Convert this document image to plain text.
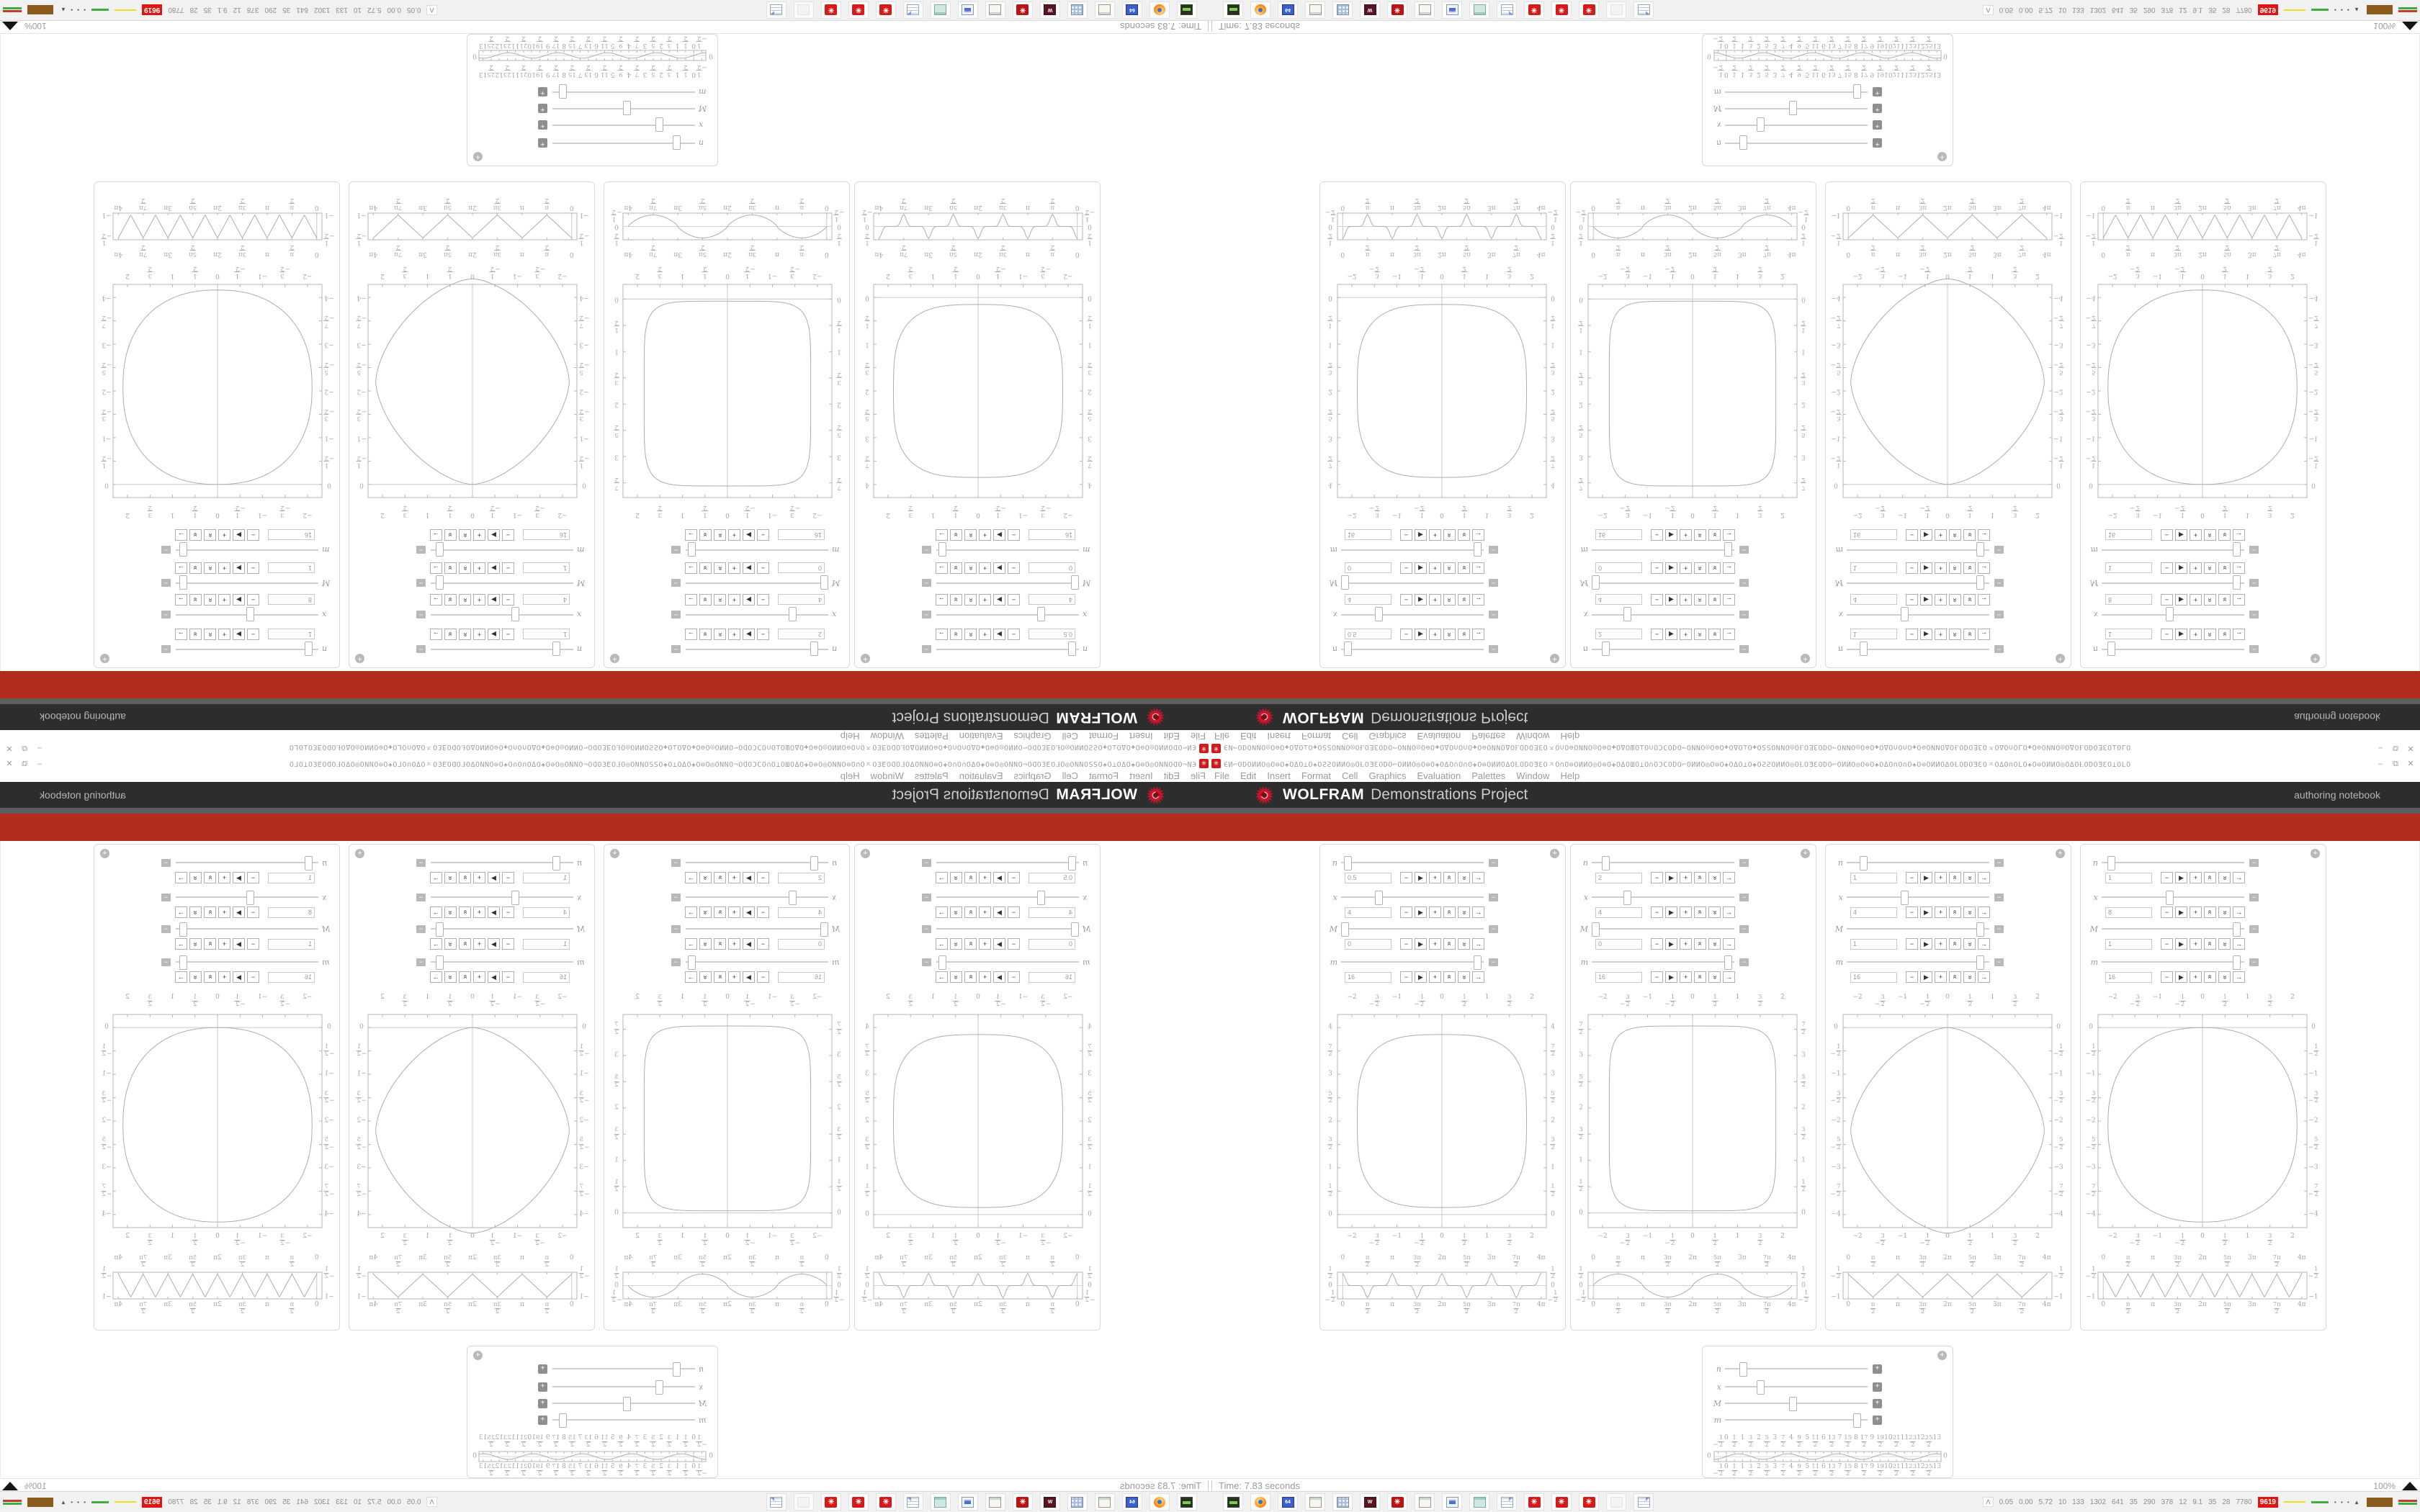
✳
ЄͶ⌐ODOͶͶO◎O⊜O✚OΔO⊥O✚OƧƧOͶͶO◎OⱢOƎƐODO⌐OͶͶO◎O⊜O✚OΔO∩O∩O✚O⊜OͶͶOΔOⱢODOƎƐOㅈO∩O⊜OͶͶO◎O⊜O✚OΔOШO⊥O∩OƆCODO⌐OͶͶO◎O⊜O✚OΔO⊥O✚OƧƧOͶͶO◎OⱢOƎƐODO⌐OͶͶO◎O⊜O✚OΔO∩O∩O✚O⊜OͶͶOΔOⱢODOƎƐOㅈOΔO∩OLO✚O⊜OͶͶO◎OΔOⱢODOƎƐO⊥OLO
–
⧉
✕
File
Edit
Insert
Format
Cell
Graphics
Evaluation
Palettes
Window
Help
WOLFRAM
Demonstrations Project
authoring notebook
+
n
−
0.5
−
▶
+
»
»
→
x
−
4
−
▶
+
»
»
→
M
−
0
−
▶
+
»
»
→
m
−
16
−
▶
+
»
»
→
−2
−2
−
3
2
−
3
2
−1
−1
−
1
2
−
1
2
0
0
1
2
1
2
1
1
3
2
3
2
2
2
4
4
7
2
7
2
3
3
5
2
5
2
2
2
3
2
3
2
1
1
1
2
1
2
0
0
0
0
π
2
π
2
π
π
3π
2
3π
2
2π
2π
5π
2
5π
2
3π
3π
7π
2
7π
2
4π
4π
1
2
1
2
0
0
−
1
2
−
1
2
+
n
−
2
−
▶
+
»
»
→
x
−
4
−
▶
+
»
»
→
M
−
0
−
▶
+
»
»
→
m
−
16
−
▶
+
»
»
→
−2
−2
−
3
2
−
3
2
−1
−1
−
1
2
−
1
2
0
0
1
2
1
2
1
1
3
2
3
2
2
2
7
2
7
2
3
3
5
2
5
2
2
2
3
2
3
2
1
1
1
2
1
2
0
0
0
0
π
2
π
2
π
π
3π
2
3π
2
2π
2π
5π
2
5π
2
3π
3π
7π
2
7π
2
4π
4π
1
2
1
2
0
0
−
1
2
−
1
2
+
n
−
1
−
▶
+
»
»
→
x
−
4
−
▶
+
»
»
→
M
−
1
−
▶
+
»
»
→
m
−
16
−
▶
+
»
»
→
−2
−2
−
3
2
−
3
2
−1
−1
−
1
2
−
1
2
0
0
1
2
1
2
1
1
3
2
3
2
2
2
0
0
−
1
2
−
1
2
−1
−1
−
3
2
−
3
2
−2
−2
−
5
2
−
5
2
−3
−3
−
7
2
−
7
2
−4
−4
0
0
π
2
π
2
π
π
3π
2
3π
2
2π
2π
5π
2
5π
2
3π
3π
7π
2
7π
2
4π
4π
−
1
2
−
1
2
−1
−1
+
n
−
1
−
▶
+
»
»
→
x
−
8
−
▶
+
»
»
→
M
−
1
−
▶
+
»
»
→
m
−
16
−
▶
+
»
»
→
−2
−2
−
3
2
−
3
2
−1
−1
−
1
2
−
1
2
0
0
1
2
1
2
1
1
3
2
3
2
2
2
0
0
−
1
2
−
1
2
−1
−1
−
3
2
−
3
2
−2
−2
−
5
2
−
5
2
−3
−3
−
7
2
−
7
2
−4
−4
0
0
π
2
π
2
π
π
3π
2
3π
2
2π
2π
5π
2
5π
2
3π
3π
7π
2
7π
2
4π
4π
−
1
2
−
1
2
−1
−1
+
n
+
x
+
M
+
m
+
−
1
2
−
1
2
0
0
1
2
1
2
1
1
3
2
3
2
2
2
5
2
5
2
3
3
7
2
7
2
4
4
9
2
9
2
5
5
11
2
11
2
6
6
13
2
13
2
7
7
15
2
15
2
8
8
17
2
17
2
9
9
19
2
19
2
10
10
21
2
21
2
11
11
23
2
23
2
12
12
25
2
25
2
13
13
0
0
Time: 7.83 seconds
100%
64
W
✳
✳
✳
✳
ᐱ
0.05
0.00
5.72
10
133
1302
641
35
290
378
12
9.1
35
28
7780
9619
• • • ▲
✳ ЄͶ⌐ODOͶͶO◎O⊜O✚OΔO⊥O✚OƧƧOͶͶO◎OⱢOƎƐODO⌐OͶͶO◎O⊜O✚OΔO∩O∩O✚O⊜OͶͶOΔOⱢODOƎƐOㅈO∩O⊜OͶͶO◎O⊜O✚OΔOШO⊥O∩OƆCODO⌐OͶͶO◎O⊜O✚OΔO⊥O✚OƧƧOͶͶO◎OⱢOƎƐODO⌐OͶͶO◎O⊜O✚OΔO∩O∩O✚O⊜OͶͶOΔOⱢODOƎƐOㅈOΔO∩OLO✚O⊜OͶͶO◎OΔOⱢODOƎƐO⊥OLO	–	⧉	✕
File Edit Insert Format Cell Graphics Evaluation Palettes Window Help
WOLFRAM Demonstrations Project	authoring notebook
+
n	−
0.5
−	▶	+	» »	→
x	−
4
−	▶	+	» »	→
M	−
0
−	▶	+	» »	→
m	−
16
−	▶	+	» »	→
−2
−2
−
3
2
−
3
2
−1
−1
−
1
2
−
1
2
0
0
1
2
1
2
1
1
3
2
3
2
2
2
4	4
7
2
7
2
3	3
5
2
5
2
2	2
3
2
3
2
1	1
1
2
1
2
0	0
0
0
π
2
π
2
π
π
3π
2
3π
2
2π
2π
5π
2
5π
2
3π
3π
7π
2
7π
2
4π
4π
1
2
1
2
0	0
−
1
2	−
1
2
+
n	−
2
−	▶	+	» »	→
x	−
4
−	▶	+	» »	→
M	−
0
−	▶	+	» »	→
m	−
16
−	▶	+	» »	→
−2
−2
−
3
2
−
3
2
−1
−1
−
1
2
−
1
2
0
0
1
2
1
2
1
1
3
2
3
2
2
2
7
2
7
2
3	3
5
2
5
2
2	2
3
2
3
2
1	1
1
2
1
2
0	0
0
0
π
2
π
2
π
π
3π
2
3π
2
2π
2π
5π
2
5π
2
3π
3π
7π
2
7π
2
4π
4π
1
2
1
2
0	0
−
1
2	−
1
2
+
n	−
1
−	▶	+	» »	→
x	−
4
−	▶	+	» »	→
M	−
1
−	▶	+	» »	→
m	−
16
−	▶	+	» »	→
−2
−2
−
3
2
−
3
2
−1
−1
−
1
2
−
1
2
0
0
1
2
1
2
1
1
3
2
3
2
2
2
0	0
−
1
2	−
1
2
−1	−1
−
3
2	−
3
2
−2	−2
−
5
2	−
5
2
−3	−3
−
7
2	−
7
2
−4	−4
0
0
π
2
π
2
π
π
3π
2
3π
2
2π
2π
5π
2
5π
2
3π
3π
7π
2
7π
2
4π
4π
−
1
2	−
1
2
−1	−1
+
n	−
1
−	▶	+	» »	→
x	−
8
−	▶	+	» »	→
M	−
1
−	▶	+	» »	→
m	−
16
−	▶	+	» »	→
−2
−2
−
3
2
−
3
2
−1
−1
−
1
2
−
1
2
0
0
1
2
1
2
1
1
3
2
3
2
2
2
0	0
−
1
2	−
1
2
−1	−1
−
3
2	−
3
2
−2	−2
−
5
2	−
5
2
−3	−3
−
7
2	−
7
2
−4	−4
0
0
π
2
π
2
π
π
3π
2
3π
2
2π
2π
5π
2
5π
2
3π
3π
7π
2
7π
2
4π
4π
−
1
2	−
1
2
−1	−1
+
n	+
x	+
M	+
m	+
−
1
2
−
1
2
0
0
1
2
1
2
1
1
3
2
3
2
2
2
5
2
5
2
3
3
7
2
7
2
4
4
9
2
9
2
5
5
11
2
11
2
6
6
13
2
13
2
7
7
15
2
15
2
8
8
17
2
17
2
9
9
19
2
19
2
10
10
21
2
21
2
11
11
23
2
23
2
12
12
25
2
25
2
13
13
0	0
Time: 7.83 seconds	100%
64	W	✳	✳	✳	✳	ᐱ	0.05 0.00 5.72 10 133 1302 641 35 290 378 12 9.1 35 28 7780	9619	• • • ▲
✳
ЄͶ⌐ODOͶͶO◎O⊜O✚OΔO⊥O✚OƧƧOͶͶO◎OⱢOƎƐODO⌐OͶͶO◎O⊜O✚OΔO∩O∩O✚O⊜OͶͶOΔOⱢODOƎƐOㅈO∩O⊜OͶͶO◎O⊜O✚OΔOШO⊥O∩OƆCODO⌐OͶͶO◎O⊜O✚OΔO⊥O✚OƧƧOͶͶO◎OⱢOƎƐODO⌐OͶͶO◎O⊜O✚OΔO∩O∩O✚O⊜OͶͶOΔOⱢODOƎƐOㅈOΔO∩OLO✚O⊜OͶͶO◎OΔOⱢODOƎƐO⊥OLO
–
⧉
✕
File
Edit
Insert
Format
Cell
Graphics
Evaluation
Palettes
Window
Help
WOLFRAM
Demonstrations Project
authoring notebook
+
n
−
0.5
−
▶
+
»
»
→
x
−
4
−
▶
+
»
»
→
M
−
0
−
▶
+
»
»
→
m
−
16
−
▶
+
»
»
→
−2
−2
−
$\frac{3}{2}$
−
$\frac{3}{2}$
−1
−1
−
$\frac{1}{2}$
−
$\frac{1}{2}$
0
0
$\frac{1}{2}$
$\frac{1}{2}$
1
1
$\frac{3}{2}$
$\frac{3}{2}$
2
2
4
4
$\frac{7}{2}$
$\frac{7}{2}$
3
3
$\frac{5}{2}$
$\frac{5}{2}$
2
2
$\frac{3}{2}$
$\frac{3}{2}$
1
1
$\frac{1}{2}$
$\frac{1}{2}$
0
0
0
0
$\frac{\pi}{2}$
$\frac{\pi}{2}$
π
π
$\frac{3\pi}{2}$
$\frac{3\pi}{2}$
2π
2π
$\frac{5\pi}{2}$
$\frac{5\pi}{2}$
3π
3π
$\frac{7\pi}{2}$
$\frac{7\pi}{2}$
4π
4π
$\frac{1}{2}$
$\frac{1}{2}$
0
0
−
$\frac{1}{2}$
−
$\frac{1}{2}$
+
n
−
2
−
▶
+
»
»
→
x
−
4
−
▶
+
»
»
→
M
−
0
−
▶
+
»
»
→
m
−
16
−
▶
+
»
»
→
−2
−2
−
$\frac{3}{2}$
−
$\frac{3}{2}$
−1
−1
−
$\frac{1}{2}$
−
$\frac{1}{2}$
0
0
$\frac{1}{2}$
$\frac{1}{2}$
1
1
$\frac{3}{2}$
$\frac{3}{2}$
2
2
$\frac{7}{2}$
$\frac{7}{2}$
3
3
$\frac{5}{2}$
$\frac{5}{2}$
2
2
$\frac{3}{2}$
$\frac{3}{2}$
1
1
$\frac{1}{2}$
$\frac{1}{2}$
0
0
0
0
$\frac{\pi}{2}$
$\frac{\pi}{2}$
π
π
$\frac{3\pi}{2}$
$\frac{3\pi}{2}$
2π
2π
$\frac{5\pi}{2}$
$\frac{5\pi}{2}$
3π
3π
$\frac{7\pi}{2}$
$\frac{7\pi}{2}$
4π
4π
$\frac{1}{2}$
$\frac{1}{2}$
0
0
−
$\frac{1}{2}$
−
$\frac{1}{2}$
+
n
−
1
−
▶
+
»
»
→
x
−
4
−
▶
+
»
»
→
M
−
1
−
▶
+
»
»
→
m
−
16
−
▶
+
»
»
→
−2
−2
−
$\frac{3}{2}$
−
$\frac{3}{2}$
−1
−1
−
$\frac{1}{2}$
−
$\frac{1}{2}$
0
0
$\frac{1}{2}$
$\frac{1}{2}$
1
1
$\frac{3}{2}$
$\frac{3}{2}$
2
2
0
0
−
$\frac{1}{2}$
−
$\frac{1}{2}$
−1
−1
−
$\frac{3}{2}$
−
$\frac{3}{2}$
−2
−2
−
$\frac{5}{2}$
−
$\frac{5}{2}$
−3
−3
−
$\frac{7}{2}$
−
$\frac{7}{2}$
−4
−4
0
0
$\frac{\pi}{2}$
$\frac{\pi}{2}$
π
π
$\frac{3\pi}{2}$
$\frac{3\pi}{2}$
2π
2π
$\frac{5\pi}{2}$
$\frac{5\pi}{2}$
3π
3π
$\frac{7\pi}{2}$
$\frac{7\pi}{2}$
4π
4π
−
$\frac{1}{2}$
−
$\frac{1}{2}$
−1
−1
+
n
−
1
−
▶
+
»
»
→
x
−
8
−
▶
+
»
»
→
M
−
1
−
▶
+
»
»
→
m
−
16
−
▶
+
»
»
→
−2
−2
−
$\frac{3}{2}$
−
$\frac{3}{2}$
−1
−1
−
$\frac{1}{2}$
−
$\frac{1}{2}$
0
0
$\frac{1}{2}$
$\frac{1}{2}$
1
1
$\frac{3}{2}$
$\frac{3}{2}$
2
2
0
0
−
$\frac{1}{2}$
−
$\frac{1}{2}$
−1
−1
−
$\frac{3}{2}$
−
$\frac{3}{2}$
−2
−2
−
$\frac{5}{2}$
−
$\frac{5}{2}$
−3
−3
−
$\frac{7}{2}$
−
$\frac{7}{2}$
−4
−4
0
0
$\frac{\pi}{2}$
$\frac{\pi}{2}$
π
π
$\frac{3\pi}{2}$
$\frac{3\pi}{2}$
2π
2π
$\frac{5\pi}{2}$
$\frac{5\pi}{2}$
3π
3π
$\frac{7\pi}{2}$
$\frac{7\pi}{2}$
4π
4π
−
$\frac{1}{2}$
−
$\frac{1}{2}$
−1
−1
+
n
+
x
+
M
+
m
+
−
$\frac{1}{2}$
−
$\frac{1}{2}$
0
0
$\frac{1}{2}$
$\frac{1}{2}$
1
1
$\frac{3}{2}$
$\frac{3}{2}$
2
2
$\frac{5}{2}$
$\frac{5}{2}$
3
3
$\frac{7}{2}$
$\frac{7}{2}$
4
4
$\frac{9}{2}$
$\frac{9}{2}$
5
5
$\frac{11}{2}$
$\frac{11}{2}$
6
6
$\frac{13}{2}$
$\frac{13}{2}$
7
7
$\frac{15}{2}$
$\frac{15}{2}$
8
8
$\frac{17}{2}$
$\frac{17}{2}$
9
9
$\frac{19}{2}$
$\frac{19}{2}$
10
10
$\frac{21}{2}$
$\frac{21}{2}$
11
11
$\frac{23}{2}$
$\frac{23}{2}$
12
12
$\frac{25}{2}$
$\frac{25}{2}$
13
13
0
0
Time: 7.83 seconds
100%
64
W
✳
✳
✳
✳
ᐱ
0.05
0.00
5.72
10
133
1302
641
35
290
378
12
9.1
35
28
7780
9619
• • • ▲
✳ ЄͶ⌐ODOͶͶO◎O⊜O✚OΔO⊥O✚OƧƧOͶͶO◎OⱢOƎƐODO⌐OͶͶO◎O⊜O✚OΔO∩O∩O✚O⊜OͶͶOΔOⱢODOƎƐOㅈO∩O⊜OͶͶO◎O⊜O✚OΔOШO⊥O∩OƆCODO⌐OͶͶO◎O⊜O✚OΔO⊥O✚OƧƧOͶͶO◎OⱢOƎƐODO⌐OͶͶO◎O⊜O✚OΔO∩O∩O✚O⊜OͶͶOΔOⱢODOƎƐOㅈOΔO∩OLO✚O⊜OͶͶO◎OΔOⱢODOƎƐO⊥OLO	–	⧉	✕
File Edit Insert Format Cell Graphics Evaluation Palettes Window Help
WOLFRAM Demonstrations Project	authoring notebook
+
n	−
0.5
−	▶	+	» »	→
x	−
4
−	▶	+	» »	→
M	−
0
−	▶	+	» »	→
m	−
16
−	▶	+	» »	→
−2
−2
− $\frac{3}{2}$
− $\frac{3}{2}$
−1
−1
− $\frac{1}{2}$
− $\frac{1}{2}$
0
0
$\frac{1}{2}$
$\frac{1}{2}$
1
1
$\frac{3}{2}$
$\frac{3}{2}$
2
2
4	4
$\frac{7}{2}$	$\frac{7}{2}$
3	3
$\frac{5}{2}$	$\frac{5}{2}$
2	2
$\frac{3}{2}$	$\frac{3}{2}$
1	1
$\frac{1}{2}$	$\frac{1}{2}$
0	0
0
0
$\frac{\pi}{2}$
$\frac{\pi}{2}$
π
π
$\frac{3\pi}{2}$
$\frac{3\pi}{2}$
2π
2π
$\frac{5\pi}{2}$
$\frac{5\pi}{2}$
3π
3π
$\frac{7\pi}{2}$
$\frac{7\pi}{2}$
4π
4π
$\frac{1}{2}$	$\frac{1}{2}$
0	0
− $\frac{1}{2}$	− $\frac{1}{2}$
+
n	−
2
−	▶	+	» »	→
x	−
4
−	▶	+	» »	→
M	−
0
−	▶	+	» »	→
m	−
16
−	▶	+	» »	→
−2
−2
− $\frac{3}{2}$
− $\frac{3}{2}$
−1
−1
− $\frac{1}{2}$
− $\frac{1}{2}$
0
0
$\frac{1}{2}$
$\frac{1}{2}$
1
1
$\frac{3}{2}$
$\frac{3}{2}$
2
2
$\frac{7}{2}$	$\frac{7}{2}$
3	3
$\frac{5}{2}$	$\frac{5}{2}$
2	2
$\frac{3}{2}$	$\frac{3}{2}$
1	1
$\frac{1}{2}$	$\frac{1}{2}$
0	0
0
0
$\frac{\pi}{2}$
$\frac{\pi}{2}$
π
π
$\frac{3\pi}{2}$
$\frac{3\pi}{2}$
2π
2π
$\frac{5\pi}{2}$
$\frac{5\pi}{2}$
3π
3π
$\frac{7\pi}{2}$
$\frac{7\pi}{2}$
4π
4π
$\frac{1}{2}$	$\frac{1}{2}$
0	0
− $\frac{1}{2}$	− $\frac{1}{2}$
+
n	−
1
−	▶	+	» »	→
x	−
4
−	▶	+	» »	→
M	−
1
−	▶	+	» »	→
m	−
16
−	▶	+	» »	→
−2
−2
− $\frac{3}{2}$
− $\frac{3}{2}$
−1
−1
− $\frac{1}{2}$
− $\frac{1}{2}$
0
0
$\frac{1}{2}$
$\frac{1}{2}$
1
1
$\frac{3}{2}$
$\frac{3}{2}$
2
2
0	0
− $\frac{1}{2}$	− $\frac{1}{2}$
−1	−1
− $\frac{3}{2}$	− $\frac{3}{2}$
−2	−2
− $\frac{5}{2}$	− $\frac{5}{2}$
−3	−3
− $\frac{7}{2}$	− $\frac{7}{2}$
−4	−4
0
0
$\frac{\pi}{2}$
$\frac{\pi}{2}$
π
π
$\frac{3\pi}{2}$
$\frac{3\pi}{2}$
2π
2π
$\frac{5\pi}{2}$
$\frac{5\pi}{2}$
3π
3π
$\frac{7\pi}{2}$
$\frac{7\pi}{2}$
4π
4π
− $\frac{1}{2}$	− $\frac{1}{2}$
−1	−1
+
n	−
1
−	▶	+	» »	→
x	−
8
−	▶	+	» »	→
M	−
1
−	▶	+	» »	→
m	−
16
−	▶	+	» »	→
−2
−2
− $\frac{3}{2}$
− $\frac{3}{2}$
−1
−1
− $\frac{1}{2}$
− $\frac{1}{2}$
0
0
$\frac{1}{2}$
$\frac{1}{2}$
1
1
$\frac{3}{2}$
$\frac{3}{2}$
2
2
0	0
− $\frac{1}{2}$	− $\frac{1}{2}$
−1	−1
− $\frac{3}{2}$	− $\frac{3}{2}$
−2	−2
− $\frac{5}{2}$	− $\frac{5}{2}$
−3	−3
− $\frac{7}{2}$	− $\frac{7}{2}$
−4	−4
0
0
$\frac{\pi}{2}$
$\frac{\pi}{2}$
π
π
$\frac{3\pi}{2}$
$\frac{3\pi}{2}$
2π
2π
$\frac{5\pi}{2}$
$\frac{5\pi}{2}$
3π
3π
$\frac{7\pi}{2}$
$\frac{7\pi}{2}$
4π
4π
− $\frac{1}{2}$	− $\frac{1}{2}$
−1	−1
+
n	+
x	+
M	+
m	+
− $\frac{1}{2}$
− $\frac{1}{2}$
0
0
$\frac{1}{2}$
$\frac{1}{2}$
1
1
$\frac{3}{2}$
$\frac{3}{2}$
2
2
$\frac{5}{2}$
$\frac{5}{2}$
3
3
$\frac{7}{2}$
$\frac{7}{2}$
4
4
$\frac{9}{2}$
$\frac{9}{2}$
5
5
$\frac{11}{2}$
$\frac{11}{2}$
6
6
$\frac{13}{2}$
$\frac{13}{2}$
7
7
$\frac{15}{2}$
$\frac{15}{2}$
8
8
$\frac{17}{2}$
$\frac{17}{2}$
9
9
$\frac{19}{2}$
$\frac{19}{2}$
10
10
$\frac{21}{2}$
$\frac{21}{2}$
11
11
$\frac{23}{2}$
$\frac{23}{2}$
12
12
$\frac{25}{2}$
$\frac{25}{2}$
13
13
0	0
Time: 7.83 seconds	100%
64	W	✳	✳	✳	✳	ᐱ	0.05 0.00 5.72 10 133 1302 641 35 290 378 12 9.1 35 28 7780	9619	• • • ▲
